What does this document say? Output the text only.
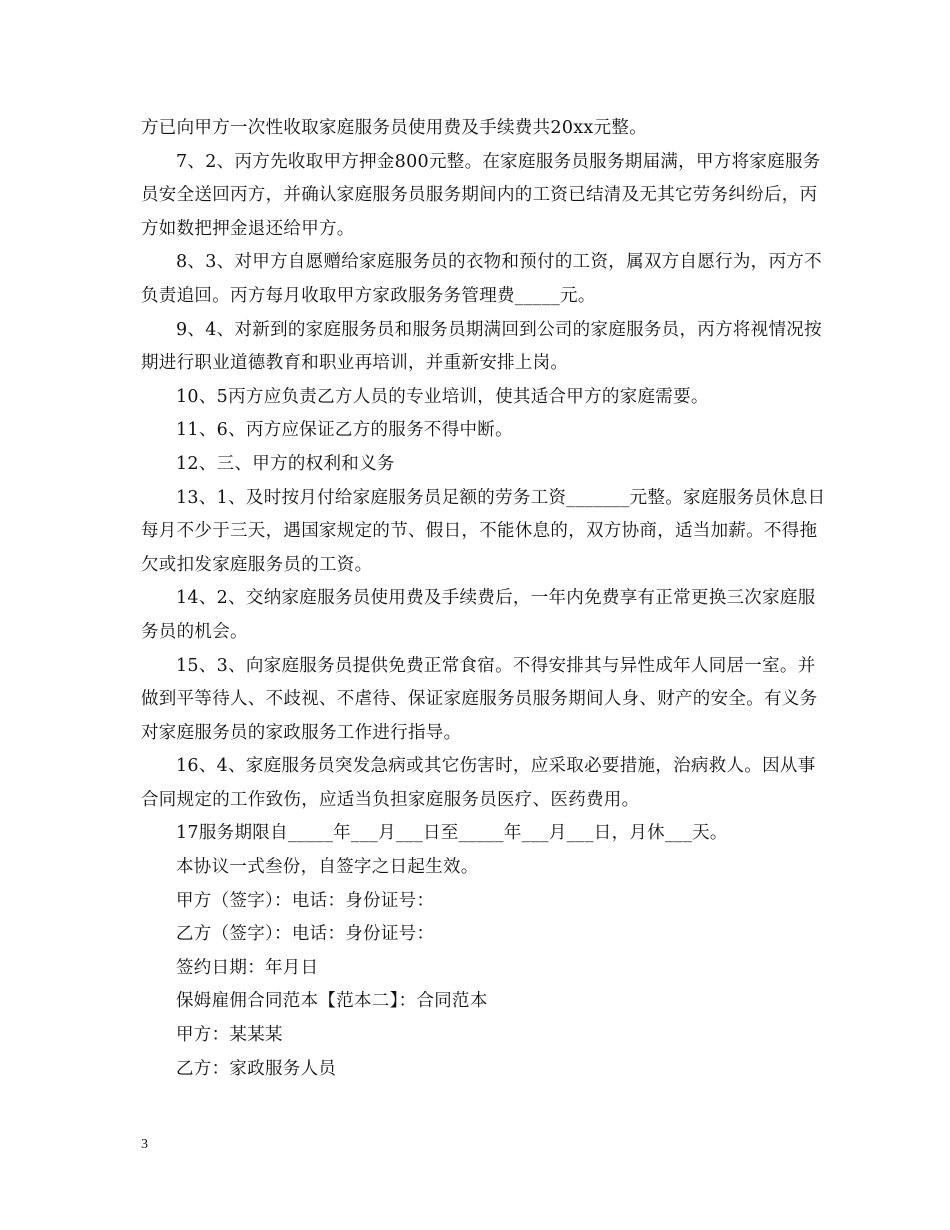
方已向甲方一次性收取家庭服务员使用费及手续费共20xx元整。

7、2、丙方先收取甲方押金800元整。在家庭服务员服务期届满，甲方将家庭服务员安全送回丙方，并确认家庭服务员服务期间内的工资已结清及无其它劳务纠纷后，丙方如数把押金退还给甲方。

8、3、对甲方自愿赠给家庭服务员的衣物和预付的工资，属双方自愿行为，丙方不负责追回。丙方每月收取甲方家政服务务管理费_____元。

9、4、对新到的家庭服务员和服务员期满回到公司的家庭服务员，丙方将视情况按期进行职业道德教育和职业再培训，并重新安排上岗。

10、5丙方应负责乙方人员的专业培训，使其适合甲方的家庭需要。

11、6、丙方应保证乙方的服务不得中断。

12、三、甲方的权利和义务

13、1、及时按月付给家庭服务员足额的劳务工资_______元整。家庭服务员休息日每月不少于三天，遇国家规定的节、假日，不能休息的，双方协商，适当加薪。不得拖欠或扣发家庭服务员的工资。

14、2、交纳家庭服务员使用费及手续费后，一年内免费享有正常更换三次家庭服务员的机会。

15、3、向家庭服务员提供免费正常食宿。不得安排其与异性成年人同居一室。并做到平等待人、不歧视、不虐待、保证家庭服务员服务期间人身、财产的安全。有义务对家庭服务员的家政服务工作进行指导。

16、4、家庭服务员突发急病或其它伤害时，应采取必要措施，治病救人。因从事合同规定的工作致伤，应适当负担家庭服务员医疗、医药费用。

17服务期限自_____年___月___日至_____年___月___日，月休___天。

本协议一式叁份，自签字之日起生效。

甲方（签字）：电话：身份证号：

乙方（签字）：电话：身份证号：

签约日期：年月日

保姆雇佣合同范本【范本二】：合同范本

甲方：某某某

乙方：家政服务人员

3
